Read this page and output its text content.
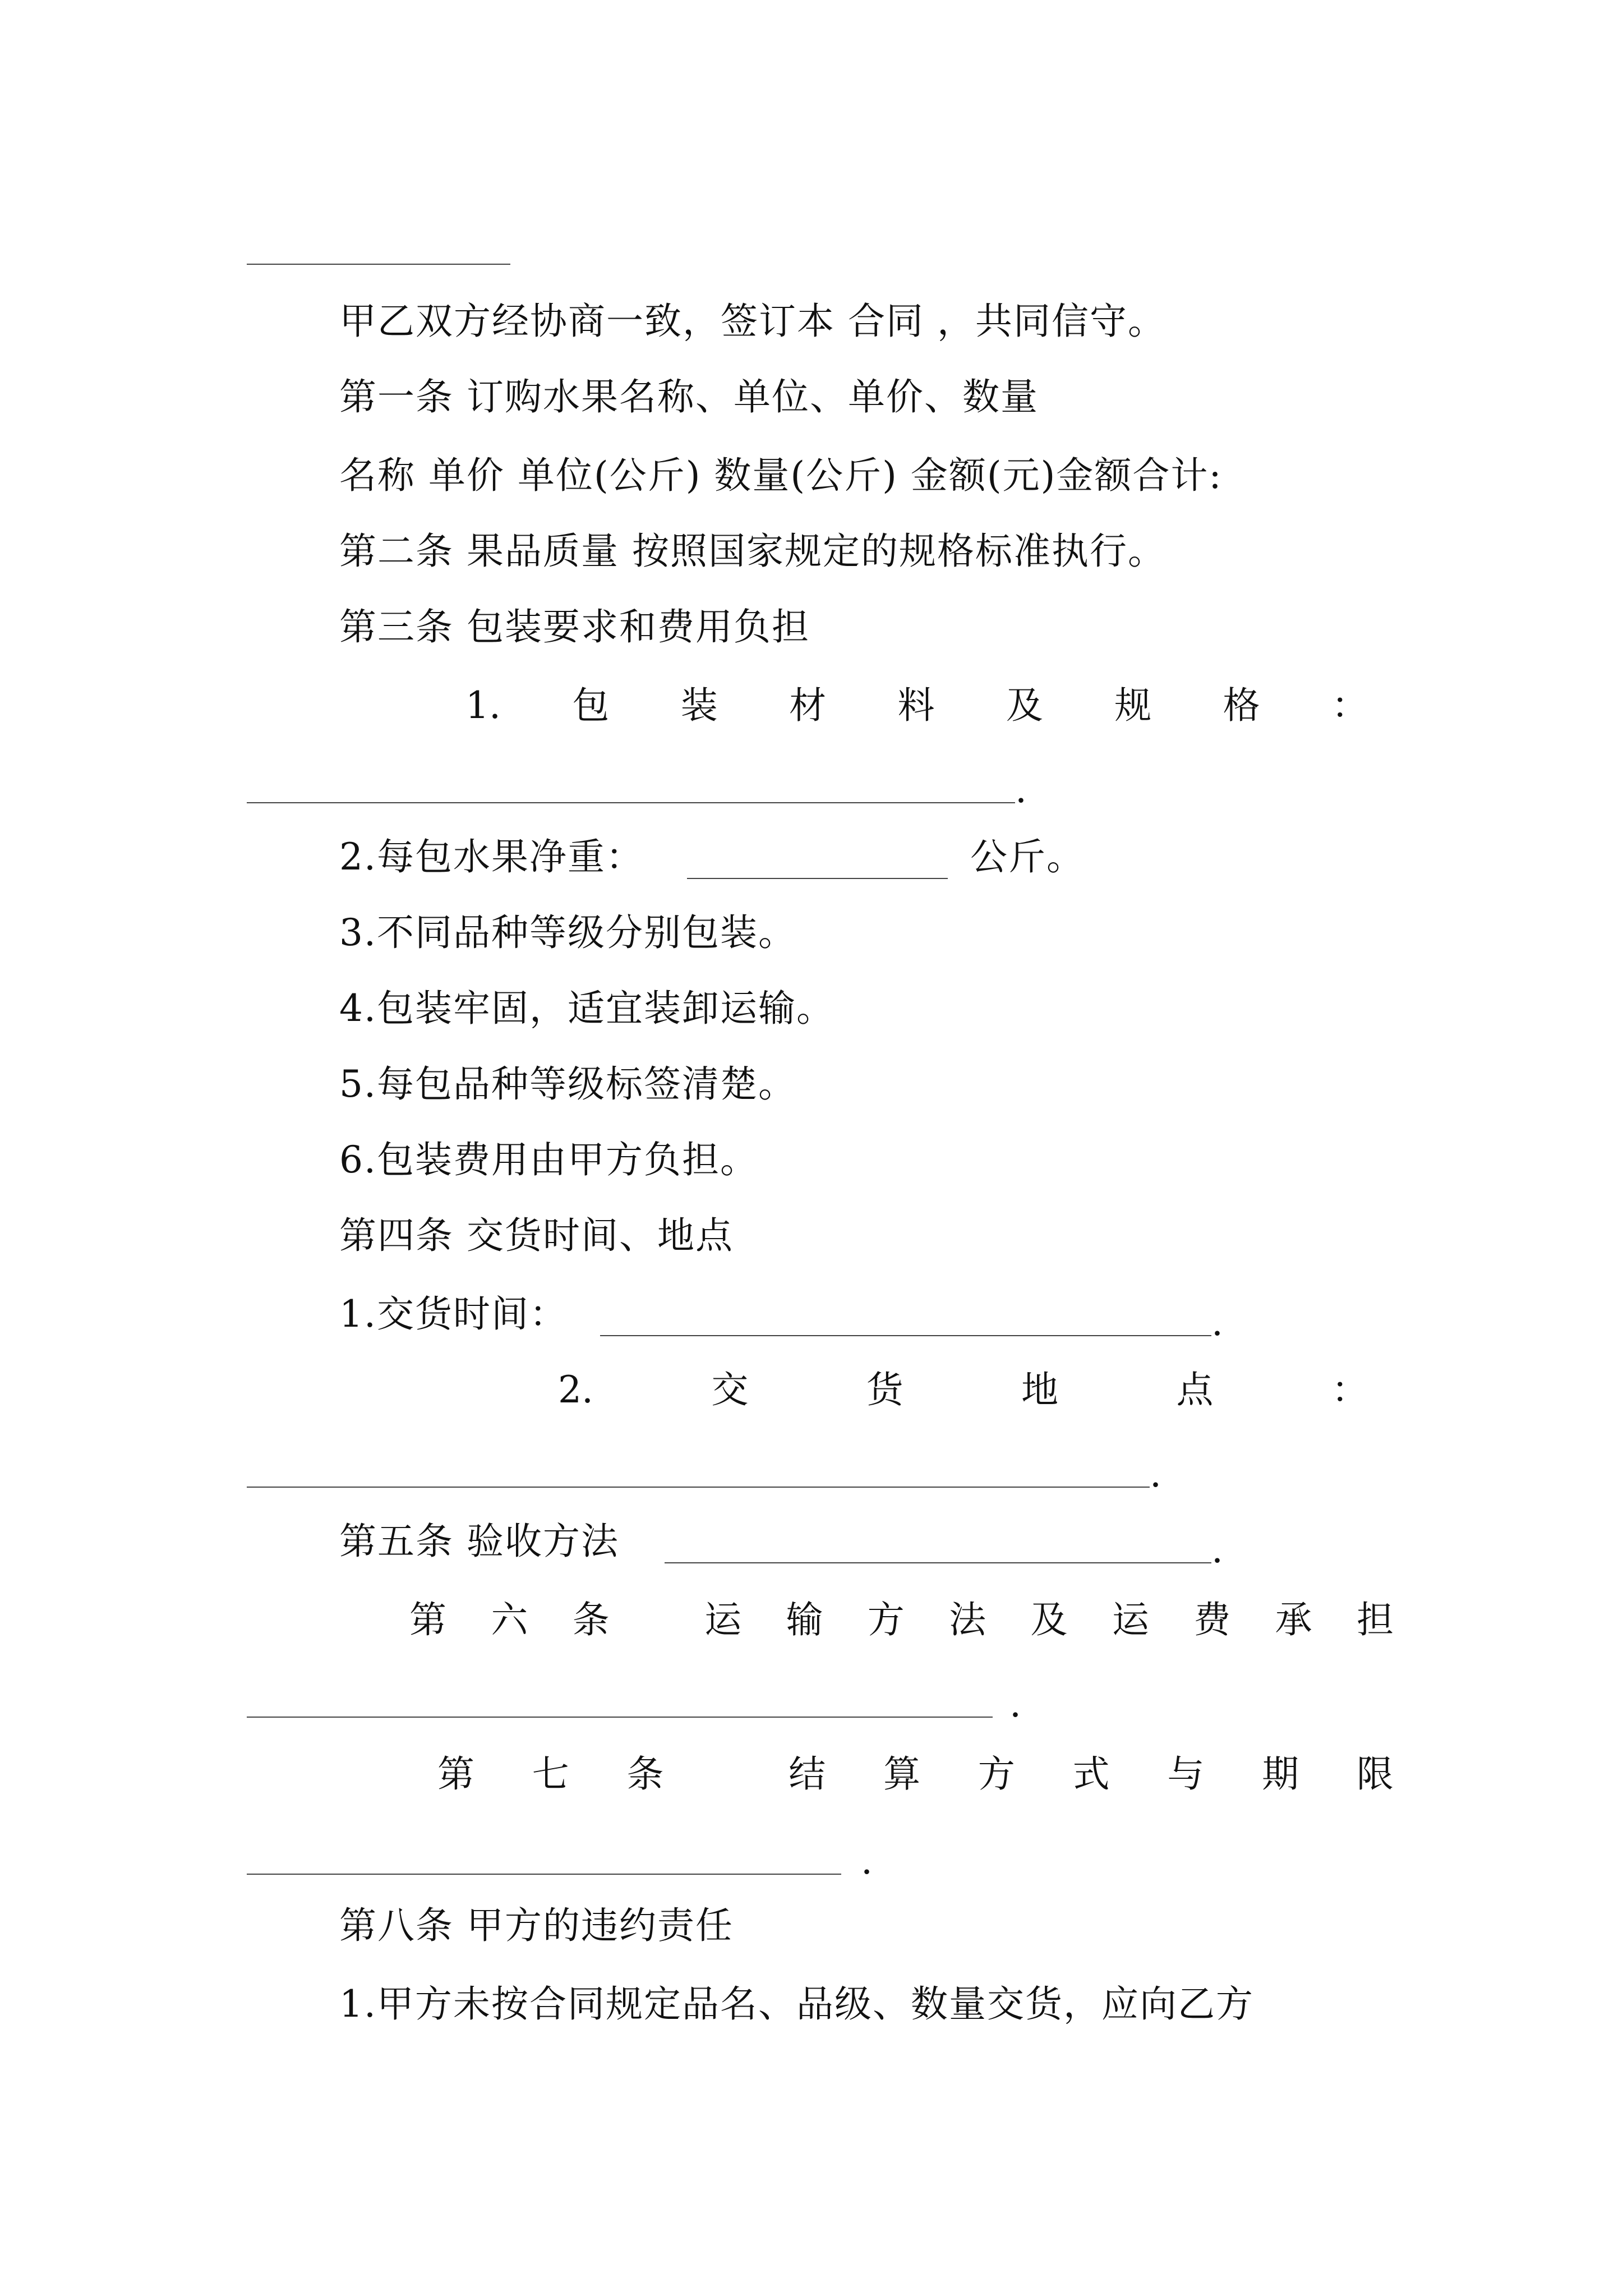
甲乙双方经协商一致，签订本 合同 ，共同信守。
第一条 订购水果名称、单位、单价、数量
名称 单价 单位(公斤) 数量(公斤) 金额(元)金额合计:
第二条 果品质量 按照国家规定的规格标准执行。
第三条 包装要求和费用负担
1. 包 装 材 料 及 规 格 ：
.
2.每包水果净重：	公斤。
3.不同品种等级分别包装。
4.包装牢固，适宜装卸运输。
5.每包品种等级标签清楚。
6.包装费用由甲方负担。
第四条 交货时间、地点
1.交货时间：	.
2.	交	货	地	点	：
.
第五条 验收方法	.
第 六 条	运 输 方 法 及 运 费 承 担
.
第 七 条	结 算 方 式 与 期 限
.
第八条 甲方的违约责任
1.甲方未按合同规定品名、品级、数量交货，应向乙方
